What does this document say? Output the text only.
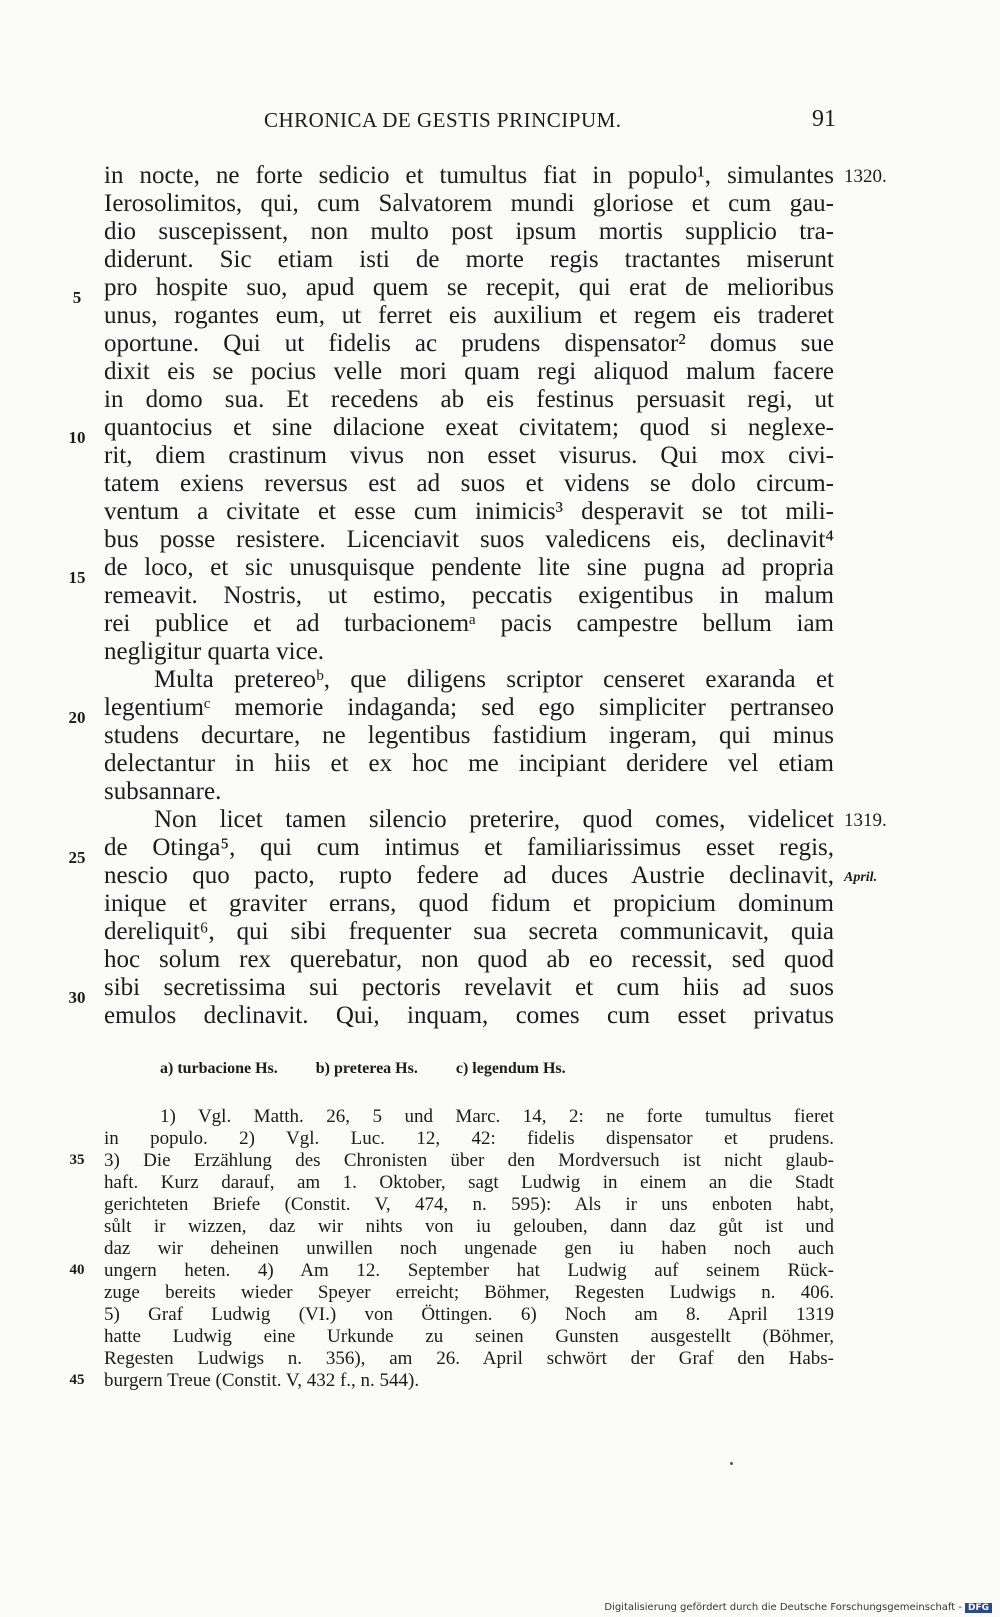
CHRONICA DE GESTIS PRINCIPUM.	91
in nocte, ne forte sedicio et tumultus fiat in populo¹, simulantes
Ierosolimitos, qui, cum Salvatorem mundi gloriose et cum gau-
dio suscepissent, non multo post ipsum mortis supplicio tra-
diderunt. Sic etiam isti de morte regis tractantes miserunt
pro hospite suo, apud quem se recepit, qui erat de melioribus
unus, rogantes eum, ut ferret eis auxilium et regem eis traderet
oportune. Qui ut fidelis ac prudens dispensator² domus sue
dixit eis se pocius velle mori quam regi aliquod malum facere
in domo sua. Et recedens ab eis festinus persuasit regi, ut
quantocius et sine dilacione exeat civitatem; quod si neglexe-
rit, diem crastinum vivus non esset visurus. Qui mox civi-
tatem exiens reversus est ad suos et videns se dolo circum-
ventum a civitate et esse cum inimicis³ desperavit se tot mili-
bus posse resistere. Licenciavit suos valedicens eis, declinavit⁴
de loco, et sic unusquisque pendente lite sine pugna ad propria
remeavit. Nostris, ut estimo, peccatis exigentibus in malum
rei publice et ad turbacionemᵃ pacis campestre bellum iam
negligitur quarta vice.
Multa pretereoᵇ, que diligens scriptor censeret exaranda et
legentiumᶜ memorie indaganda; sed ego simpliciter pertranseo
studens decurtare, ne legentibus fastidium ingeram, qui minus
delectantur in hiis et ex hoc me incipiant deridere vel etiam
subsannare.
Non licet tamen silencio preterire, quod comes, videlicet
de Otinga⁵, qui cum intimus et familiarissimus esset regis,
nescio quo pacto, rupto federe ad duces Austrie declinavit,
inique et graviter errans, quod fidum et propicium dominum
dereliquit⁶, qui sibi frequenter sua secreta communicavit, quia
hoc solum rex querebatur, non quod ab eo recessit, sed quod
sibi secretissima sui pectoris revelavit et cum hiis ad suos
emulos declinavit. Qui, inquam, comes cum esset privatus
5
10
15
20
25
30
1320.
1319.
April.
a) turbacione Hs. b) preterea Hs. c) legendum Hs.
1) Vgl. Matth. 26, 5 und Marc. 14, 2: ne forte tumultus fieret
in populo. 2) Vgl. Luc. 12, 42: fidelis dispensator et prudens.
3) Die Erzählung des Chronisten über den Mordversuch ist nicht glaub-
haft. Kurz darauf, am 1. Oktober, sagt Ludwig in einem an die Stadt
gerichteten Briefe (Constit. V, 474, n. 595): Als ir uns enboten habt,
sůlt ir wizzen, daz wir nihts von iu gelouben, dann daz gůt ist und
daz wir deheinen unwillen noch ungenade gen iu haben noch auch
ungern heten. 4) Am 12. September hat Ludwig auf seinem Rück-
zuge bereits wieder Speyer erreicht; Böhmer, Regesten Ludwigs n. 406.
5) Graf Ludwig (VI.) von Öttingen. 6) Noch am 8. April 1319
hatte Ludwig eine Urkunde zu seinen Gunsten ausgestellt (Böhmer,
Regesten Ludwigs n. 356), am 26. April schwört der Graf den Habs-
burgern Treue (Constit. V, 432 f., n. 544).
35
40
45
Digitalisierung gefördert durch die Deutsche Forschungsgemeinschaft - DFG
